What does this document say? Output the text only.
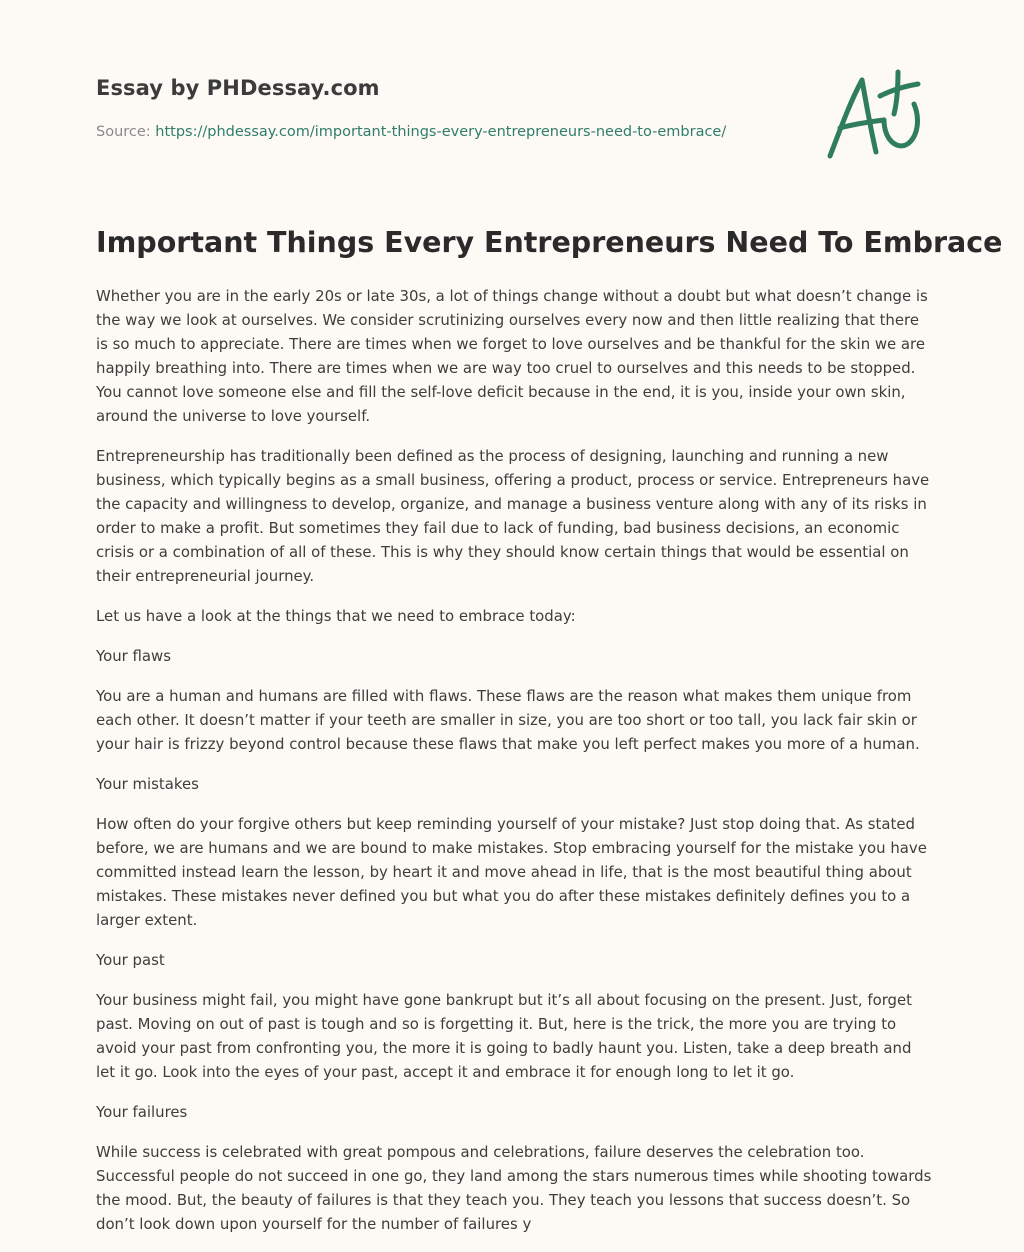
Essay by PHDessay.com
Source: https://phdessay.com/important-things-every-entrepreneurs-need-to-embrace/
Important Things Every Entrepreneurs Need To Embrace

Whether you are in the early 20s or late 30s, a lot of things change without a doubt but what doesn’t change is the way we look at ourselves. We consider scrutinizing ourselves every now and then little realizing that there is so much to appreciate. There are times when we forget to love ourselves and be thankful for the skin we are happily breathing into. There are times when we are way too cruel to ourselves and this needs to be stopped. You cannot love someone else and fill the self-love deficit because in the end, it is you, inside your own skin, around the universe to love yourself.

Entrepreneurship has traditionally been defined as the process of designing, launching and running a new business, which typically begins as a small business, offering a product, process or service. Entrepreneurs have the capacity and willingness to develop, organize, and manage a business venture along with any of its risks in order to make a profit. But sometimes they fail due to lack of funding, bad business decisions, an economic crisis or a combination of all of these. This is why they should know certain things that would be essential on their entrepreneurial journey.

Let us have a look at the things that we need to embrace today:

Your flaws

You are a human and humans are filled with flaws. These flaws are the reason what makes them unique from each other. It doesn’t matter if your teeth are smaller in size, you are too short or too tall, you lack fair skin or your hair is frizzy beyond control because these flaws that make you left perfect makes you more of a human.

Your mistakes

How often do your forgive others but keep reminding yourself of your mistake? Just stop doing that. As stated before, we are humans and we are bound to make mistakes. Stop embracing yourself for the mistake you have committed instead learn the lesson, by heart it and move ahead in life, that is the most beautiful thing about mistakes. These mistakes never defined you but what you do after these mistakes definitely defines you to a larger extent.

Your past

Your business might fail, you might have gone bankrupt but it’s all about focusing on the present. Just, forget past. Moving on out of past is tough and so is forgetting it. But, here is the trick, the more you are trying to avoid your past from confronting you, the more it is going to badly haunt you. Listen, take a deep breath and let it go. Look into the eyes of your past, accept it and embrace it for enough long to let it go.

Your failures

While success is celebrated with great pompous and celebrations, failure deserves the celebration too. Successful people do not succeed in one go, they land among the stars numerous times while shooting towards the mood. But, the beauty of failures is that they teach you. They teach you lessons that success doesn’t. So don’t look down upon yourself for the number of failures y
